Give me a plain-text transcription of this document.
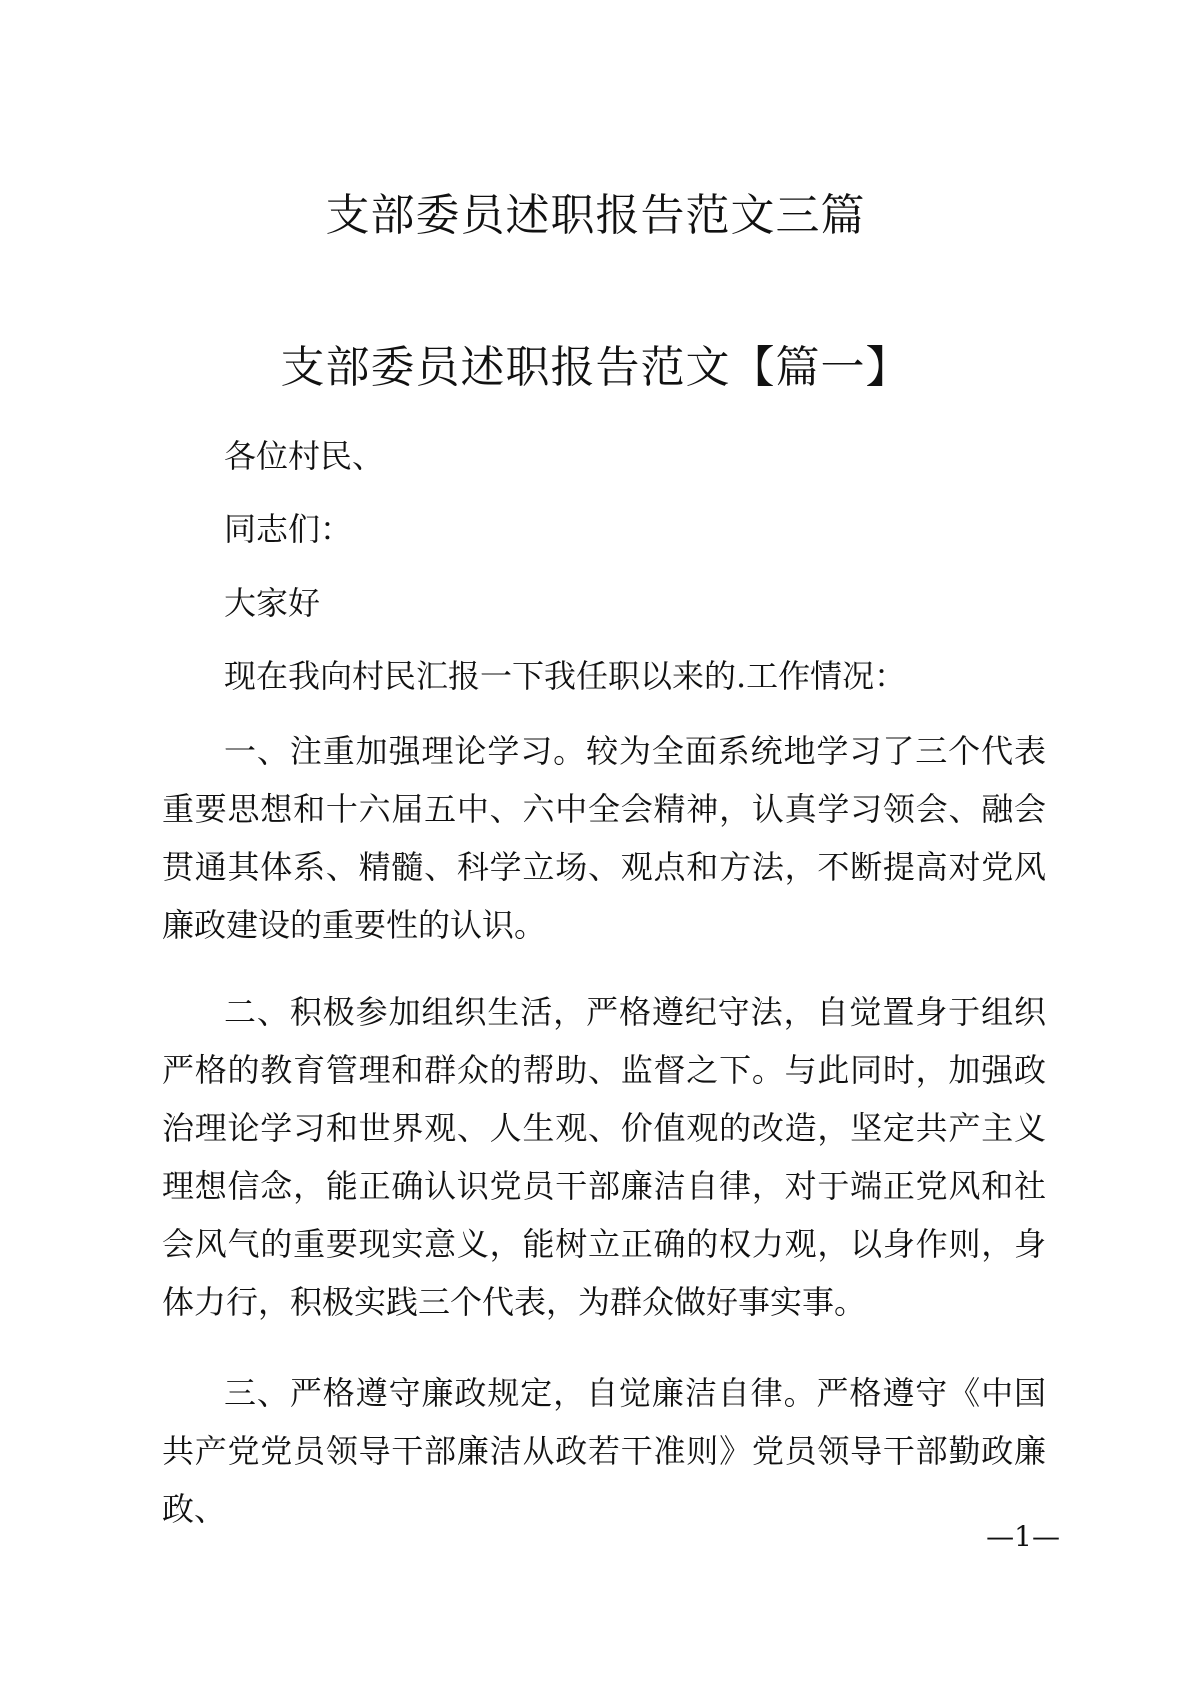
支部委员述职报告范文三篇
支部委员述职报告范文【篇一】

各位村民、

同志们：

大家好

现在我向村民汇报一下我任职以来的.工作情况：

一、注重加强理论学习。较为全面系统地学习了三个代表重要思想和十六届五中、六中全会精神，认真学习领会、融会贯通其体系、精髓、科学立场、观点和方法，不断提高对党风廉政建设的重要性的认识。

二、积极参加组织生活，严格遵纪守法，自觉置身于组织严格的教育管理和群众的帮助、监督之下。与此同时，加强政治理论学习和世界观、人生观、价值观的改造，坚定共产主义理想信念，能正确认识党员干部廉洁自律，对于端正党风和社会风气的重要现实意义，能树立正确的权力观，以身作则，身体力行，积极实践三个代表，为群众做好事实事。

三、严格遵守廉政规定，自觉廉洁自律。严格遵守《中国共产党党员领导干部廉洁从政若干准则》党员领导干部勤政廉政、

—1—
